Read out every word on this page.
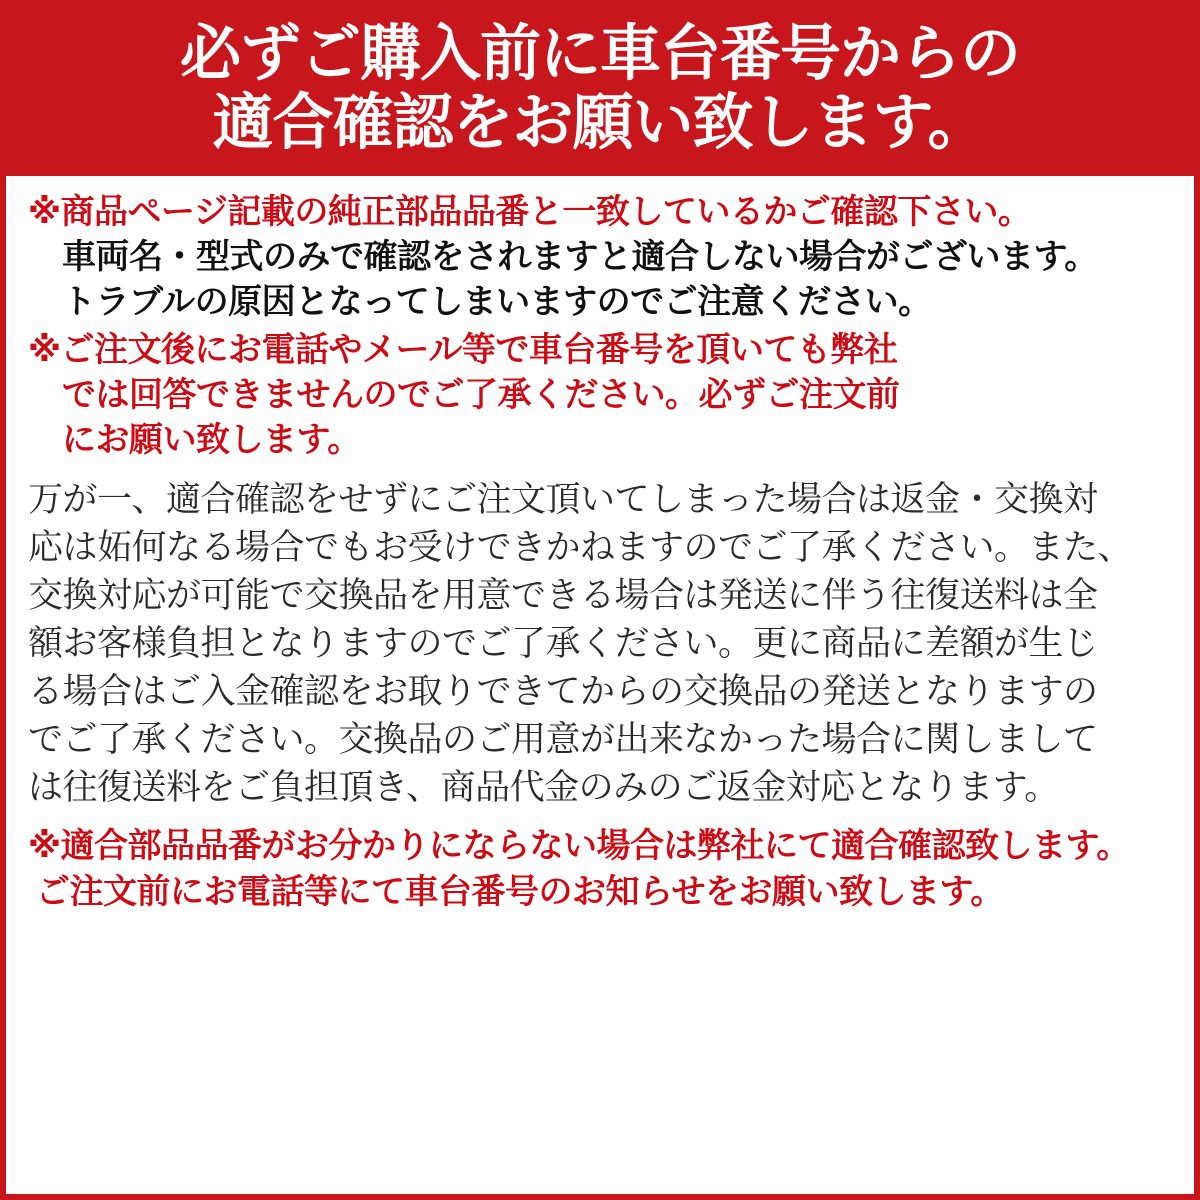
必ずご購入前に車台番号からの
適合確認をお願い致します。
※商品ページ記載の純正部品品番と一致しているかご確認下さい。
車両名・型式のみで確認をされますと適合しない場合がございます。
トラブルの原因となってしまいますのでご注意ください。
※ご注文後にお電話やメール等で車台番号を頂いても弊社
では回答できませんのでご了承ください。必ずご注文前
にお願い致します。
万が一、適合確認をせずにご注文頂いてしまった場合は返金・交換対
応は妬何なる場合でもお受けできかねますのでご了承ください。また、
交換対応が可能で交換品を用意できる場合は発送に伴う往復送料は全
額お客様負担となりますのでご了承ください。更に商品に差額が生じ
る場合はご入金確認をお取りできてからの交換品の発送となりますの
でご了承ください。交換品のご用意が出来なかった場合に関しまして
は往復送料をご負担頂き、商品代金のみのご返金対応となります。
※適合部品品番がお分かりにならない場合は弊社にて適合確認致します。
ご注文前にお電話等にて車台番号のお知らせをお願い致します。
